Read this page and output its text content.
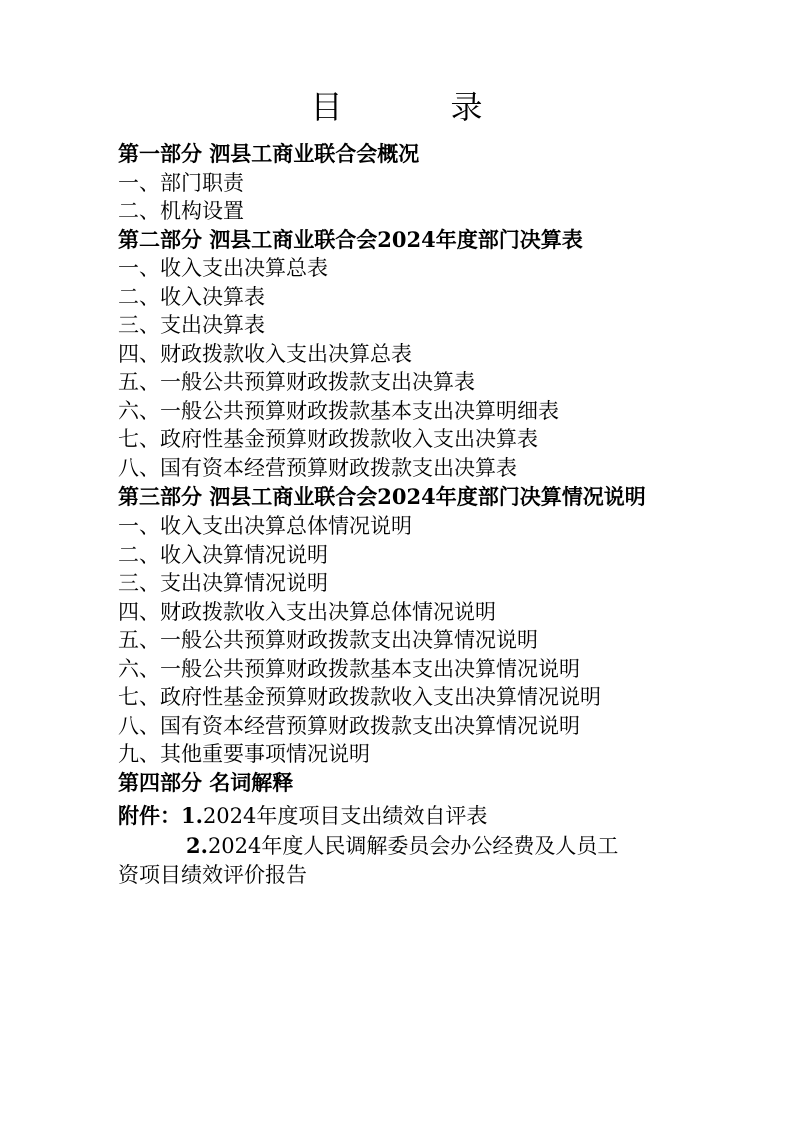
目　录
第一部分 泗县工商业联合会概况
一、部门职责
二、机构设置
第二部分 泗县工商业联合会2024年度部门决算表
一、收入支出决算总表
二、收入决算表
三、支出决算表
四、财政拨款收入支出决算总表
五、一般公共预算财政拨款支出决算表
六、一般公共预算财政拨款基本支出决算明细表
七、政府性基金预算财政拨款收入支出决算表
八、国有资本经营预算财政拨款支出决算表
第三部分 泗县工商业联合会2024年度部门决算情况说明
一、收入支出决算总体情况说明
二、收入决算情况说明
三、支出决算情况说明
四、财政拨款收入支出决算总体情况说明
五、一般公共预算财政拨款支出决算情况说明
六、一般公共预算财政拨款基本支出决算情况说明
七、政府性基金预算财政拨款收入支出决算情况说明
八、国有资本经营预算财政拨款支出决算情况说明
九、其他重要事项情况说明
第四部分 名词解释
附件：1.2024年度项目支出绩效自评表
2.2024年度人民调解委员会办公经费及人员工
资项目绩效评价报告
